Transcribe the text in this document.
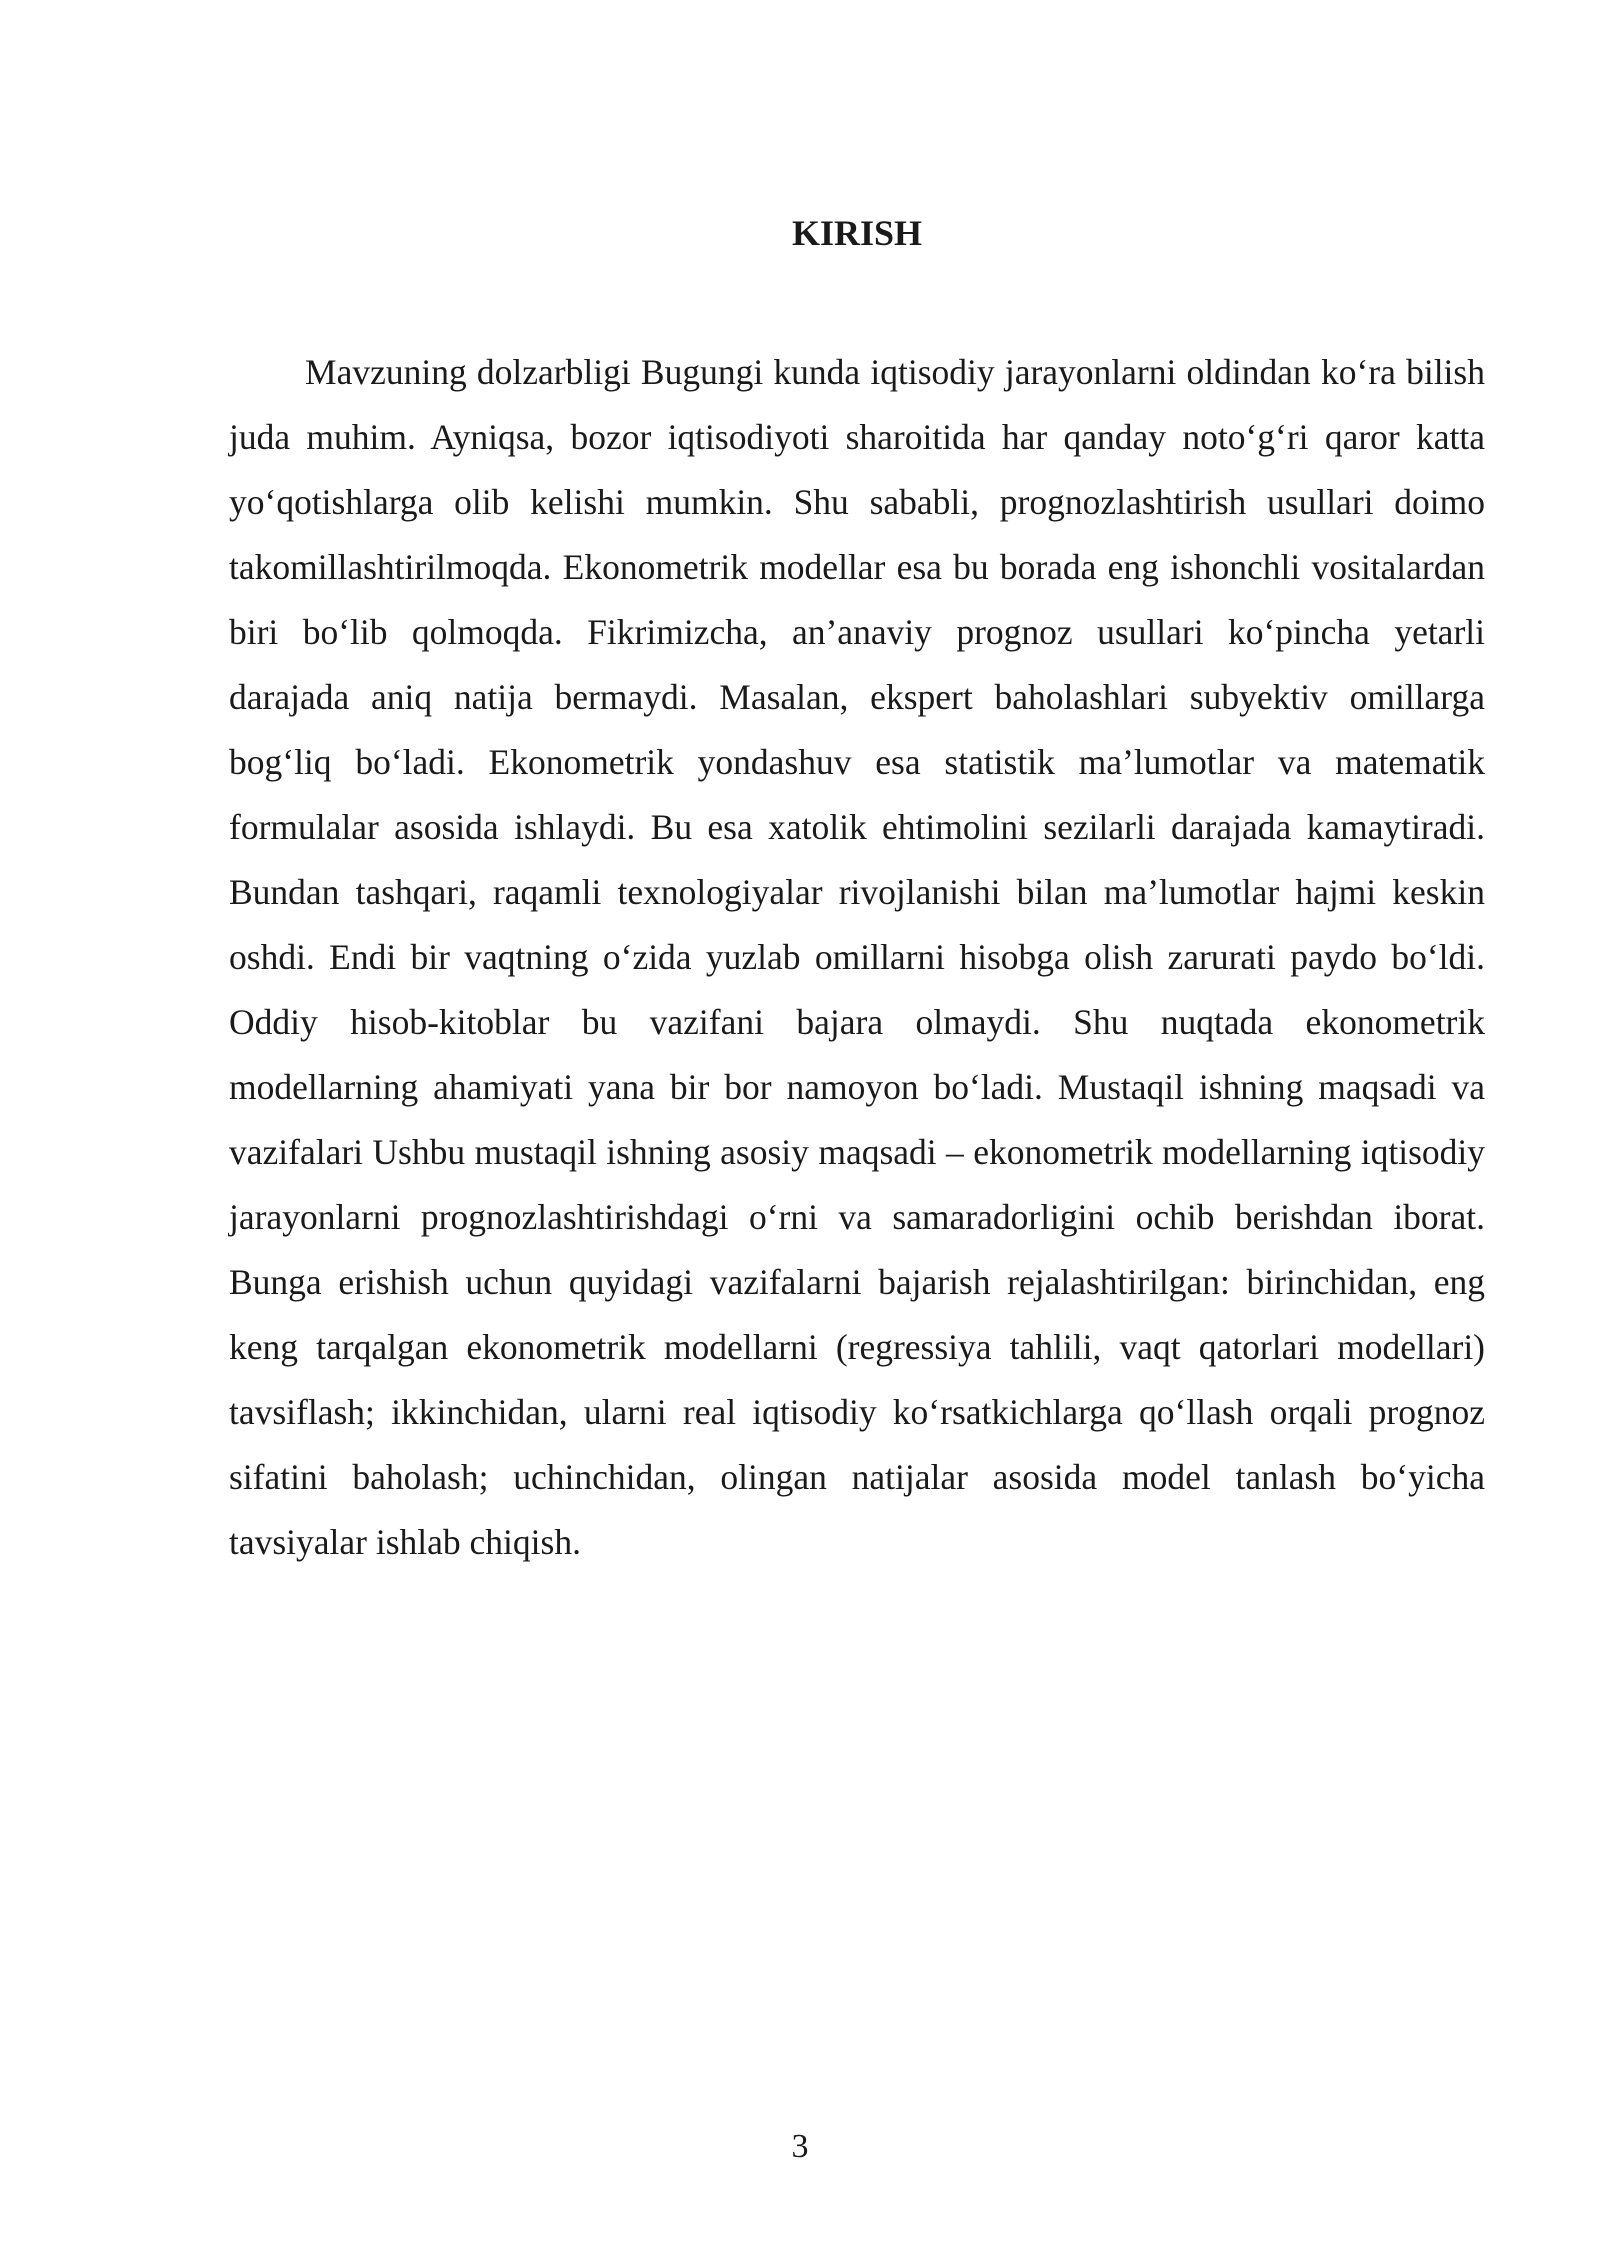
KIRISH

Mavzuning dolzarbligi Bugungi kunda iqtisodiy jarayonlarni oldindan ko‘ra bilish juda muhim. Ayniqsa, bozor iqtisodiyoti sharoitida har qanday noto‘g‘ri qaror katta yo‘qotishlarga olib kelishi mumkin. Shu sababli, prognozlashtirish usullari doimo takomillashtirilmoqda. Ekonometrik modellar esa bu borada eng ishonchli vositalardan biri bo‘lib qolmoqda. Fikrimizcha, an’anaviy prognoz usullari ko‘pincha yetarli darajada aniq natija bermaydi. Masalan, ekspert baholashlari subyektiv omillarga bog‘liq bo‘ladi. Ekonometrik yondashuv esa statistik ma’lumotlar va matematik formulalar asosida ishlaydi. Bu esa xatolik ehtimolini sezilarli darajada kamaytiradi. Bundan tashqari, raqamli texnologiyalar rivojlanishi bilan ma’lumotlar hajmi keskin oshdi. Endi bir vaqtning o‘zida yuzlab omillarni hisobga olish zarurati paydo bo‘ldi. Oddiy hisob-kitoblar bu vazifani bajara olmaydi. Shu nuqtada ekonometrik modellarning ahamiyati yana bir bor namoyon bo‘ladi. Mustaqil ishning maqsadi va vazifalari Ushbu mustaqil ishning asosiy maqsadi – ekonometrik modellarning iqtisodiy jarayonlarni prognozlashtirishdagi o‘rni va samaradorligini ochib berishdan iborat. Bunga erishish uchun quyidagi vazifalarni bajarish rejalashtirilgan: birinchidan, eng keng tarqalgan ekonometrik modellarni (regressiya tahlili, vaqt qatorlari modellari) tavsiflash; ikkinchidan, ularni real iqtisodiy ko‘rsatkichlarga qo‘llash orqali prognoz sifatini baholash; uchinchidan, olingan natijalar asosida model tanlash bo‘yicha tavsiyalar ishlab chiqish.

3
